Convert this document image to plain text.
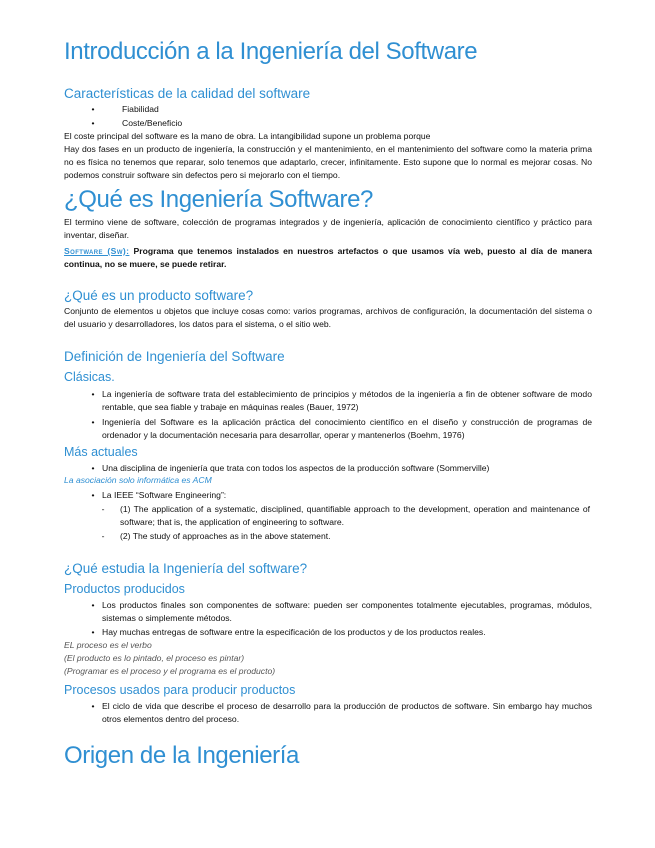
Introducción a la Ingeniería del Software
Características de la calidad del software
•	Fiabilidad
•	Coste/Beneficio
El coste principal del software es la mano de obra. La intangibilidad supone un problema porque
Hay dos fases en un producto de ingeniería, la construcción y el mantenimiento, en el mantenimiento del software como la materia prima no es física no tenemos que reparar, solo tenemos que adaptarlo, crecer, infinitamente. Esto supone que lo normal es mejorar cosas. No podemos construir software sin defectos pero si mejorarlo con el tiempo.
¿Qué es Ingeniería Software?
El termino viene de software, colección de programas integrados y de ingeniería, aplicación de conocimiento científico y práctico para inventar, diseñar.
Software (Sw): Programa que tenemos instalados en nuestros artefactos o que usamos vía web, puesto al día de manera continua, no se muere, se puede retirar.
¿Qué es un producto software?
Conjunto de elementos u objetos que incluye cosas como: varios programas, archivos de configuración, la documentación del sistema o del usuario y desarrolladores, los datos para el sistema, o el sitio web.
Definición de Ingeniería del Software
Clásicas.
• La ingeniería de software trata del establecimiento de principios y métodos de la ingeniería a fin de obtener software de modo rentable, que sea fiable y trabaje en máquinas reales (Bauer, 1972)
• Ingeniería del Software es la aplicación práctica del conocimiento científico en el diseño y construcción de programas de ordenador y la documentación necesaria para desarrollar, operar y mantenerlos (Boehm, 1976)
Más actuales
• Una disciplina de ingeniería que trata con todos los aspectos de la producción software (Sommerville)
La asociación solo informática es ACM
• La IEEE “Software Engineering”:
-	(1) The application of a systematic, disciplined, quantifiable approach to the development, operation and maintenance of software; that is, the application of engineering to software.
-	(2) The study of approaches as in the above statement.
¿Qué estudia la Ingeniería del software?
Productos producidos
• Los productos finales son componentes de software: pueden ser componentes totalmente ejecutables, programas, módulos, sistemas o simplemente métodos.
• Hay muchas entregas de software entre la especificación de los productos y de los productos reales.
EL proceso es el verbo
(El producto es lo pintado, el proceso es pintar)
(Programar es el proceso y el programa es el producto)
Procesos usados para producir productos
• El ciclo de vida que describe el proceso de desarrollo para la producción de productos de software. Sin embargo hay muchos otros elementos dentro del proceso.
Origen de la Ingeniería
